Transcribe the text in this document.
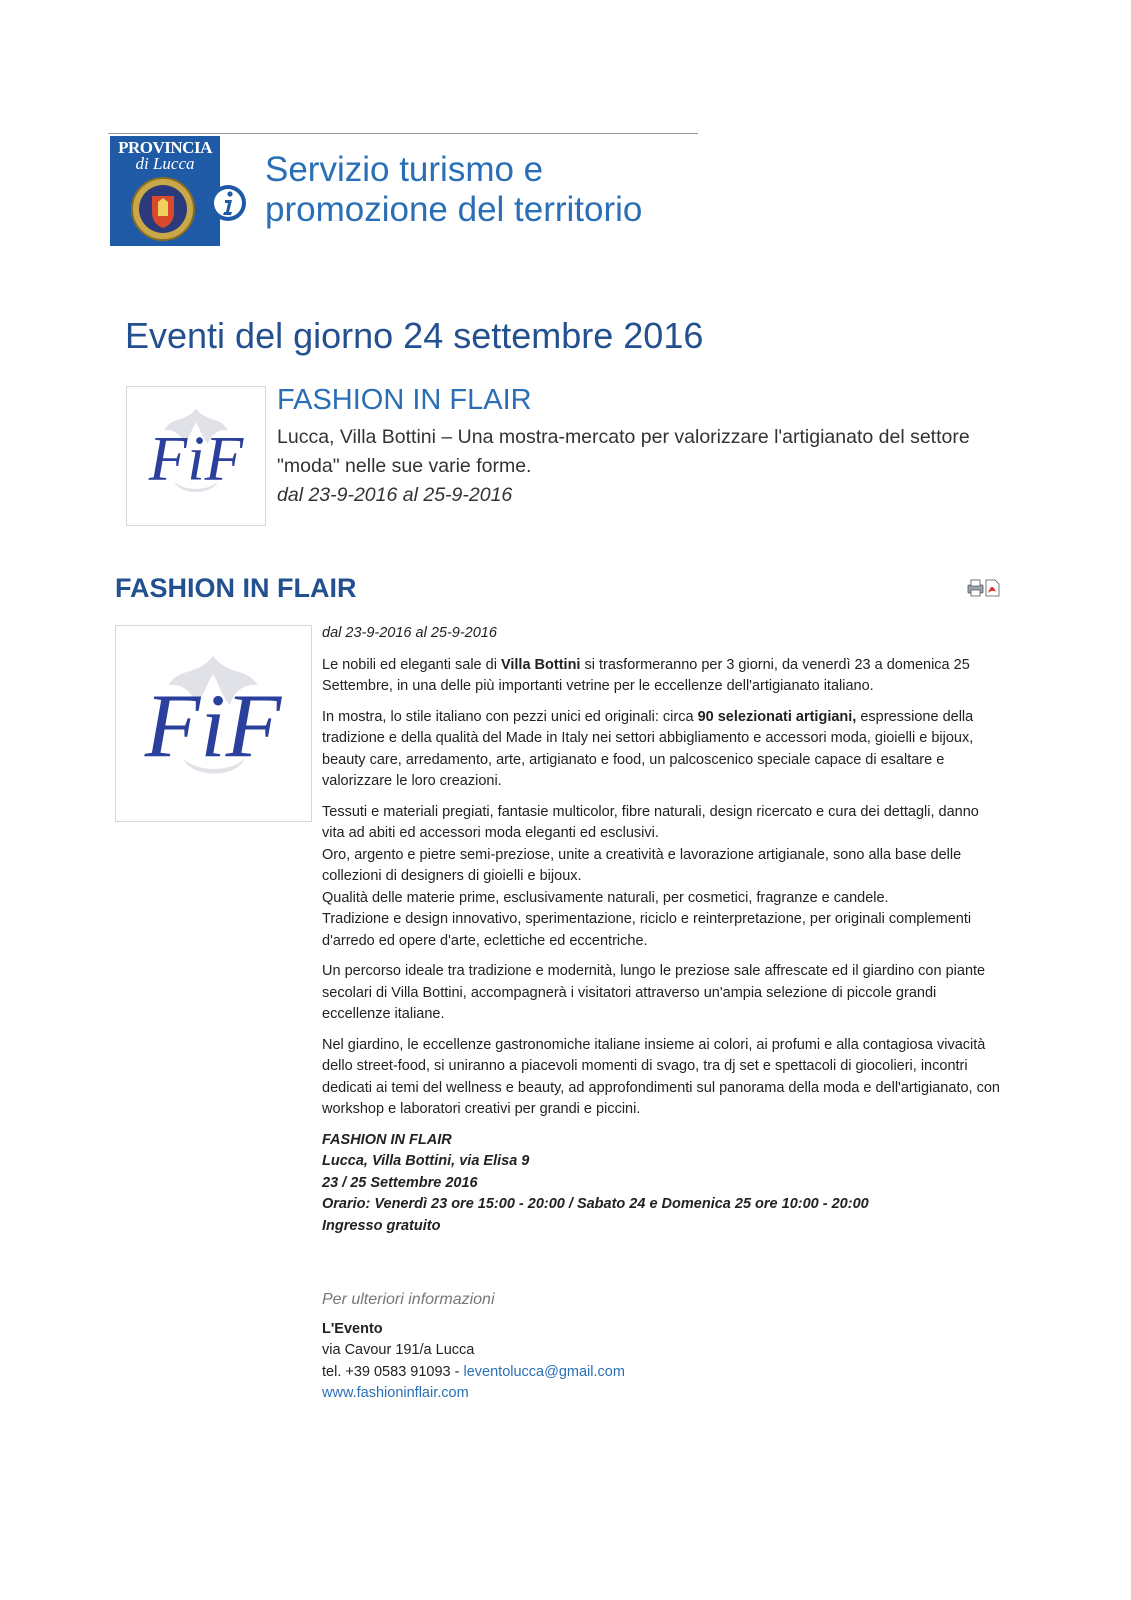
PROVINCIA
di Lucca	Servizio turismo e
promozione del territorio
Eventi del giorno 24 settembre 2016
FiF
FASHION IN FLAIR

Lucca, Villa Bottini – Una mostra-mercato per valorizzare l'artigianato del settore "moda" nelle sue varie forme.

dal 23-9-2016 al 25-9-2016

FASHION IN FLAIR
FiF

dal 23-9-2016 al 25-9-2016

Le nobili ed eleganti sale di Villa Bottini si trasformeranno per 3 giorni, da venerdì 23 a domenica 25 Settembre, in una delle più importanti vetrine per le eccellenze dell'artigianato italiano.

In mostra, lo stile italiano con pezzi unici ed originali: circa 90 selezionati artigiani, espressione della tradizione e della qualità del Made in Italy nei settori abbigliamento e accessori moda, gioielli e bijoux, beauty care, arredamento, arte, artigianato e food, un palcoscenico speciale capace di esaltare e valorizzare le loro creazioni.

Tessuti e materiali pregiati, fantasie multicolor, fibre naturali, design ricercato e cura dei dettagli, danno vita ad abiti ed accessori moda eleganti ed esclusivi.
Oro, argento e pietre semi-preziose, unite a creatività e lavorazione artigianale, sono alla base delle collezioni di designers di gioielli e bijoux.
Qualità delle materie prime, esclusivamente naturali, per cosmetici, fragranze e candele.
Tradizione e design innovativo, sperimentazione, riciclo e reinterpretazione, per originali complementi d'arredo ed opere d'arte, eclettiche ed eccentriche.

Un percorso ideale tra tradizione e modernità, lungo le preziose sale affrescate ed il giardino con piante secolari di Villa Bottini, accompagnerà i visitatori attraverso un'ampia selezione di piccole grandi eccellenze italiane.

Nel giardino, le eccellenze gastronomiche italiane insieme ai colori, ai profumi e alla contagiosa vivacità dello street-food, si uniranno a piacevoli momenti di svago, tra dj set e spettacoli di giocolieri, incontri dedicati ai temi del wellness e beauty, ad approfondimenti sul panorama della moda e dell'artigianato, con workshop e laboratori creativi per grandi e piccini.

FASHION IN FLAIR
Lucca, Villa Bottini, via Elisa 9
23 / 25 Settembre 2016
Orario: Venerdì 23 ore 15:00 - 20:00 / Sabato 24 e Domenica 25 ore 10:00 - 20:00
Ingresso gratuito
Per ulteriori informazioni
L'Evento
via Cavour 191/a Lucca
tel. +39 0583 91093 - leventolucca@gmail.com
www.fashioninflair.com
